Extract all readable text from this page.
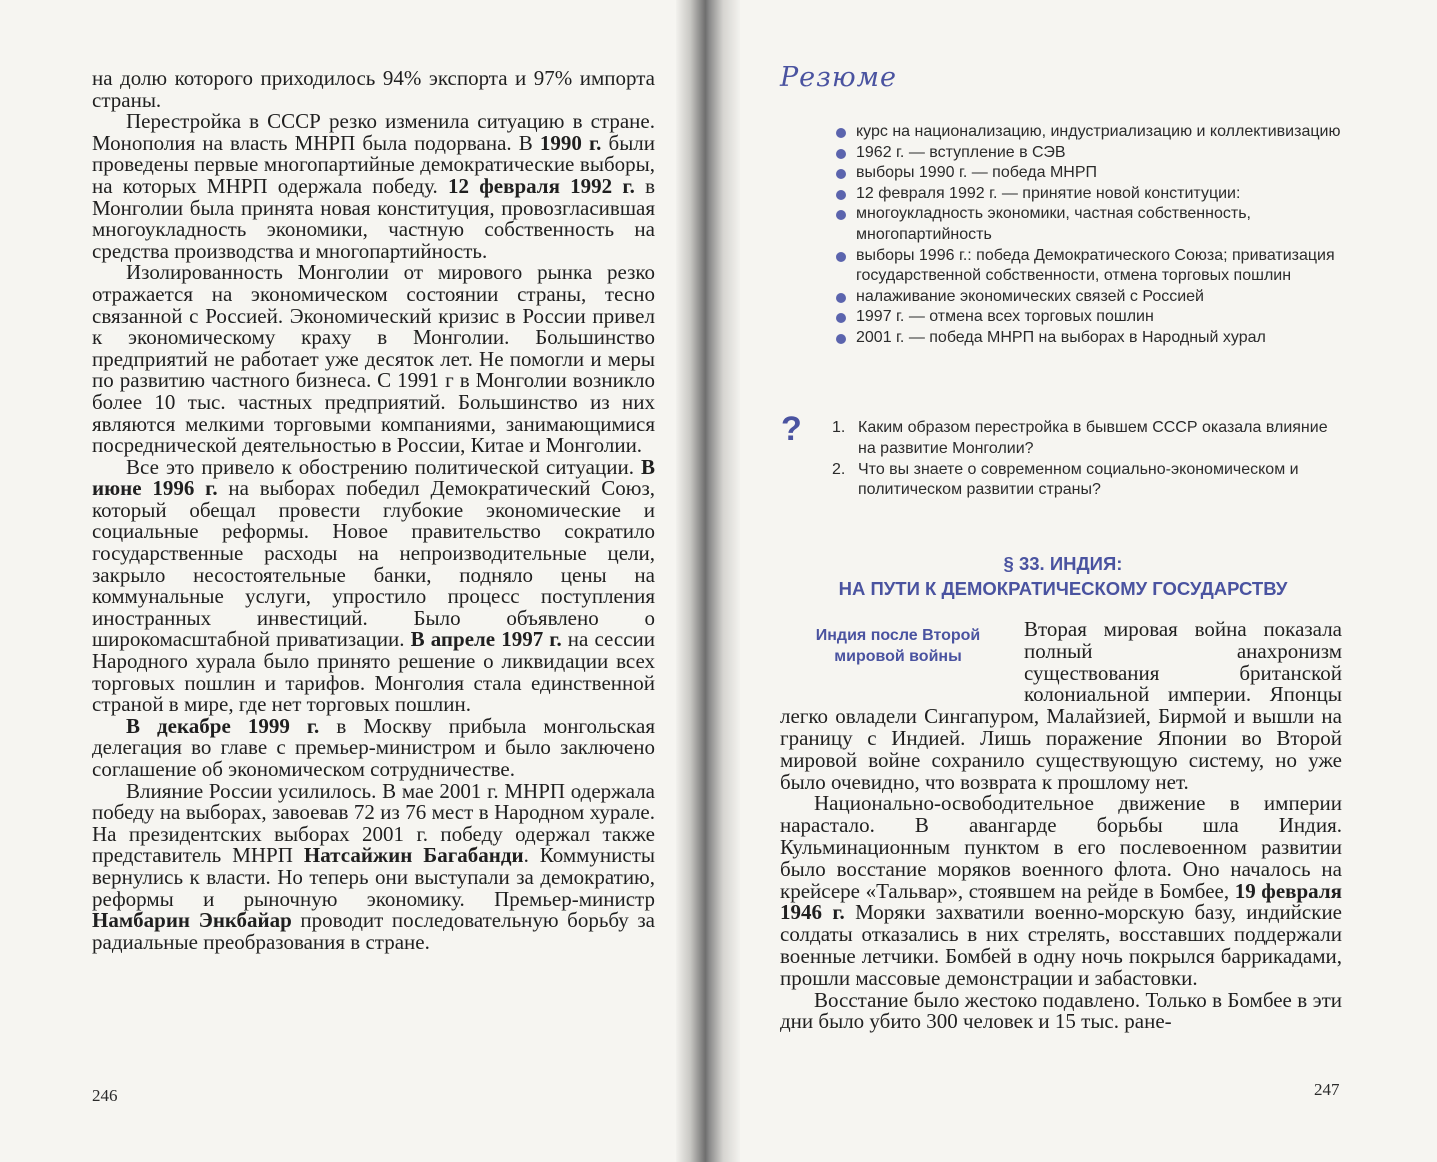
на долю которого приходилось 94% экспорта и 97% импорта страны.

Перестройка в СССР резко изменила ситуацию в стране. Монополия на власть МНРП была подорвана. В 1990 г. были проведены первые многопартийные демократические выборы, на которых МНРП одержала победу. 12 февраля 1992 г. в Монголии была принята новая конституция, провозгласившая многоукладность экономики, частную собственность на средства производства и многопартийность.

Изолированность Монголии от мирового рынка резко отражается на экономическом состоянии страны, тесно связанной с Россией. Экономический кризис в России привел к экономическому краху в Монголии. Большинство предприятий не работает уже десяток лет. Не помогли и меры по развитию частного бизнеса. С 1991 г в Монголии возникло более 10 тыс. частных предприятий. Большинство из них являются мелкими торговыми компаниями, занимающимися посреднической деятельностью в России, Китае и Монголии.

Все это привело к обострению политической ситуации. В июне 1996 г. на выборах победил Демократический Союз, который обещал провести глубокие экономические и социальные реформы. Новое правительство сократило государственные расходы на непроизводительные цели, закрыло несостоятельные банки, подняло цены на коммунальные услуги, упростило процесс поступления иностранных инвестиций. Было объявлено о широкомасштабной приватизации. В апреле 1997 г. на сессии Народного хурала было принято решение о ликвидации всех торговых пошлин и тарифов. Монголия стала единственной страной в мире, где нет торговых пошлин.

В декабре 1999 г. в Москву прибыла монгольская делегация во главе с премьер-министром и было заключено соглашение об экономическом сотрудничестве.

Влияние России усилилось. В мае 2001 г. МНРП одержала победу на выборах, завоевав 72 из 76 мест в Народном хурале. На президентских выборах 2001 г. победу одержал также представитель МНРП Натсайжин Багабанди. Коммунисты вернулись к власти. Но теперь они выступали за демократию, реформы и рыночную экономику. Премьер-министр Намбарин Энкбайар проводит последовательную борьбу за радиальные преобразования в стране.

246
Резюме
курс на национализацию, индустриализацию и коллективизацию
1962 г. — вступление в СЭВ
выборы 1990 г. — победа МНРП
12 февраля 1992 г. — принятие новой конституции:
многоукладность экономики, частная собственность, многопартийность
выборы 1996 г.: победа Демократического Союза; приватизация государственной собственности, отмена торговых пошлин
налаживание экономических связей с Россией
1997 г. — отмена всех торговых пошлин
2001 г. — победа МНРП на выборах в Народный хурал
? 1. Каким образом перестройка в бывшем СССР оказала влияние на развитие Монголии?
2. Что вы знаете о современном социально-экономическом и политическом развитии страны?
§ 33. ИНДИЯ:
НА ПУТИ К ДЕМОКРАТИЧЕСКОМУ ГОСУДАРСТВУ
Индия после Второй мировой войны

Вторая мировая война показала полный анахронизм существования британской колониальной империи. Японцы легко овладели Сингапуром, Малайзией, Бирмой и вышли на границу с Индией. Лишь поражение Японии во Второй мировой войне сохранило существующую систему, но уже было очевидно, что возврата к прошлому нет.

Национально-освободительное движение в империи нарастало. В авангарде борьбы шла Индия. Кульминационным пунктом в его послевоенном развитии было восстание моряков военного флота. Оно началось на крейсере «Тальвар», стоявшем на рейде в Бомбее, 19 февраля 1946 г. Моряки захватили военно-морскую базу, индийские солдаты отказались в них стрелять, восставших поддержали военные летчики. Бомбей в одну ночь покрылся баррикадами, прошли массовые демонстрации и забастовки.

Восстание было жестоко подавлено. Только в Бомбее в эти дни было убито 300 человек и 15 тыс. ране-

247
